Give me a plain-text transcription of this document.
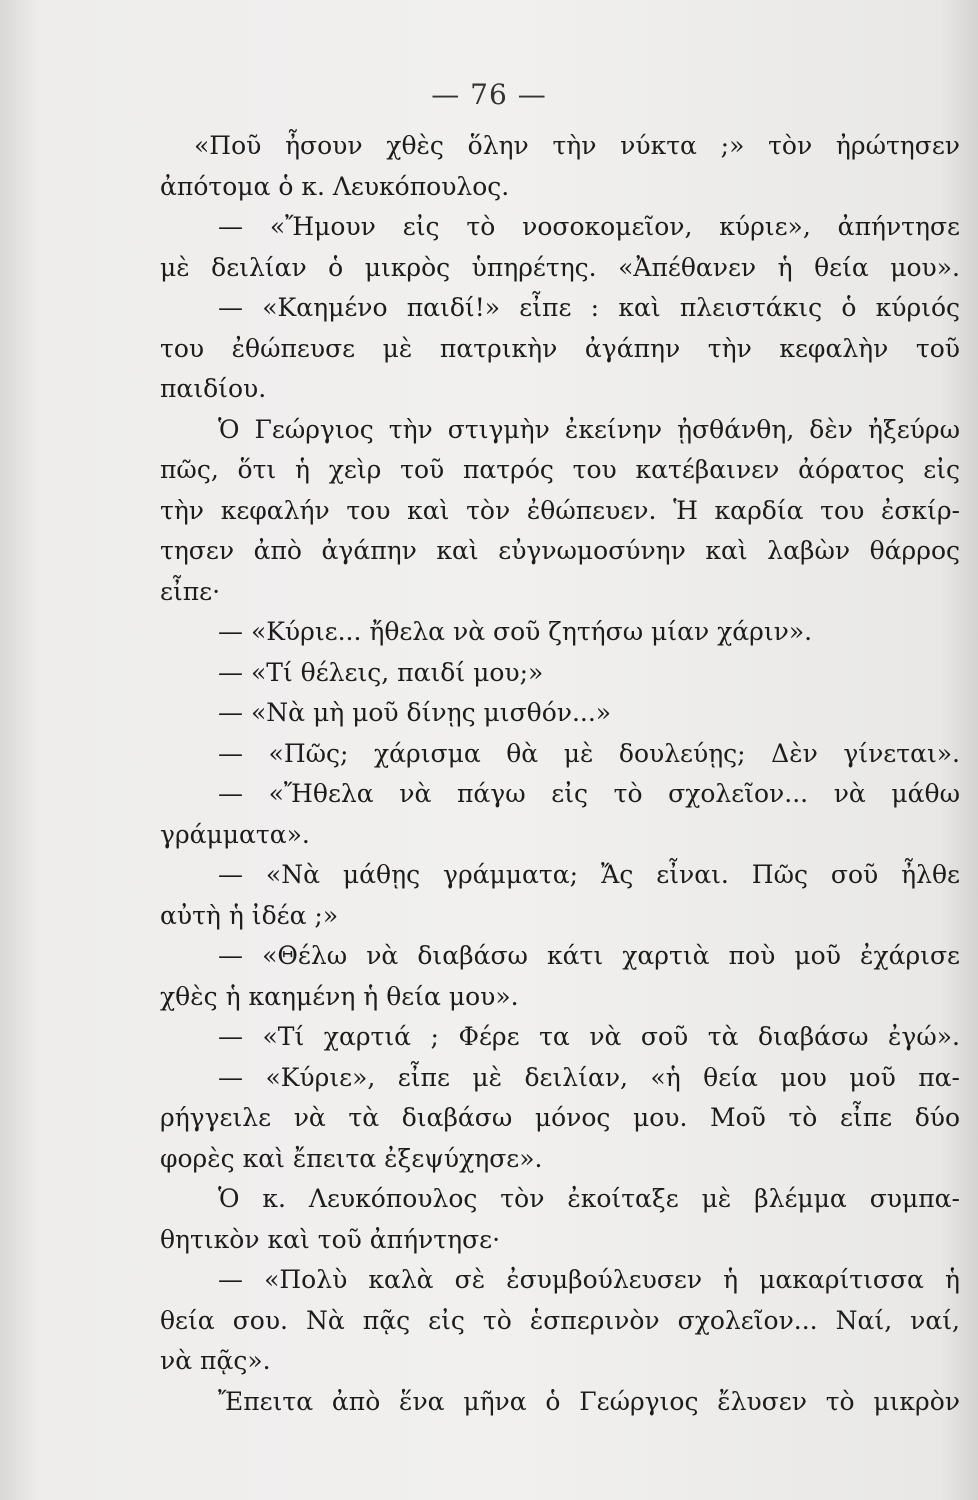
— 76 —
«Ποῦ ἦσουν χθὲς ὅλην τὴν νύκτα ;» τὸν ἠρώτησεν
ἀπότομα ὁ κ. Λευκόπουλος.
— «Ἤμουν εἰς τὸ νοσοκομεῖον, κύριε», ἀπήντησε
μὲ δειλίαν ὁ μικρὸς ὑπηρέτης. «Ἀπέθανεν ἡ θεία μου».
— «Καημένο παιδί!» εἶπε : καὶ πλειστάκις ὁ κύριός
του ἐθώπευσε μὲ πατρικὴν ἀγάπην τὴν κεφαλὴν τοῦ
παιδίου.
Ὁ Γεώργιος τὴν στιγμὴν ἐκείνην ᾐσθάνθη, δὲν ἠξεύρω
πῶς, ὅτι ἡ χεὶρ τοῦ πατρός του κατέβαινεν ἀόρατος εἰς
τὴν κεφαλήν του καὶ τὸν ἐθώπευεν. Ἡ καρδία του ἐσκίρ-
τησεν ἀπὸ ἀγάπην καὶ εὐγνωμοσύνην καὶ λαβὼν θάρρος
εἶπε·
— «Κύριε... ἤθελα νὰ σοῦ ζητήσω μίαν χάριν».
— «Τί θέλεις, παιδί μου;»
— «Νὰ μὴ μοῦ δίνῃς μισθόν...»
— «Πῶς; χάρισμα θὰ μὲ δουλεύῃς; Δὲν γίνεται».
— «Ἤθελα νὰ πάγω εἰς τὸ σχολεῖον... νὰ μάθω
γράμματα».
— «Νὰ μάθῃς γράμματα; Ἄς εἶναι. Πῶς σοῦ ἦλθε
αὐτὴ ἡ ἰδέα ;»
— «Θέλω νὰ διαβάσω κάτι χαρτιὰ ποὺ μοῦ ἐχάρισε
χθὲς ἡ καημένη ἡ θεία μου».
— «Τί χαρτιά ; Φέρε τα νὰ σοῦ τὰ διαβάσω ἐγώ».
— «Κύριε», εἶπε μὲ δειλίαν, «ἡ θεία μου μοῦ πα-
ρήγγειλε νὰ τὰ διαβάσω μόνος μου. Μοῦ τὸ εἶπε δύο
φορὲς καὶ ἔπειτα ἐξεψύχησε».
Ὁ κ. Λευκόπουλος τὸν ἐκοίταξε μὲ βλέμμα συμπα-
θητικὸν καὶ τοῦ ἀπήντησε·
— «Πολὺ καλὰ σὲ ἐσυμβούλευσεν ἡ μακαρίτισσα ἡ
θεία σου. Νὰ πᾷς εἰς τὸ ἑσπερινὸν σχολεῖον... Ναί, ναί,
νὰ πᾷς».
Ἔπειτα ἀπὸ ἕνα μῆνα ὁ Γεώργιος ἔλυσεν τὸ μικρὸν
